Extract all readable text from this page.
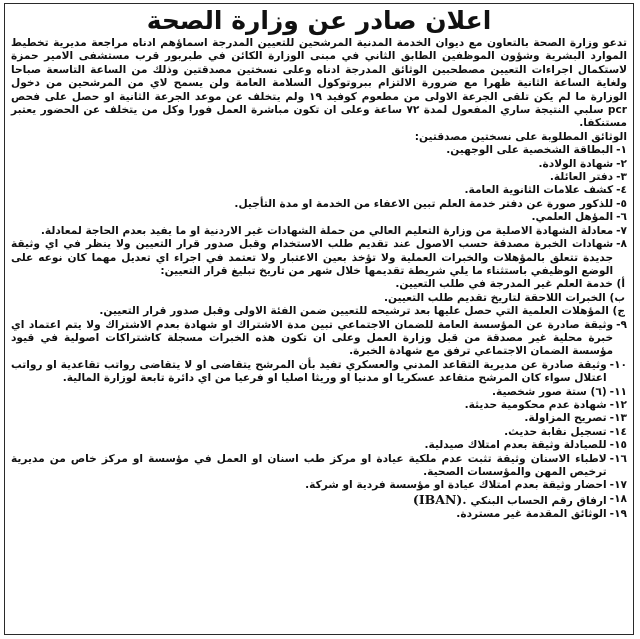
اعلان صادر عن وزارة الصحة
تدعو وزارة الصحة بالتعاون مع ديوان الخدمة المدنية المرشحين للتعيين المدرجة اسماؤهم ادناه مراجعة مديرية تخطيط الموارد البشرية وشؤون الموظفين الطابق الثاني في مبنى الوزارة الكائن في طبربور قرب مستشفى الامير حمزة لاستكمال اجراءات التعيين مصطحبين الوثائق المدرجة ادناه وعلى نسختين مصدقتين وذلك من الساعة التاسعة صباحا ولغاية الساعة الثانية ظهرا مع ضرورة الالتزام ببروتوكول السلامة العامة ولن يسمح لاي من المرشحين من دخول الوزارة ما لم يكن تلقى الجرعة الاولى من مطعوم كوفيد ١٩ ولم يتخلف عن موعد الجرعة الثانية او حصل على فحص pcr سلبي النتيجة ساري المفعول لمدة ٧٢ ساعة وعلى ان تكون مباشرة العمل فورا وكل من يتخلف عن الحضور يعتبر مستنكفا.
الوثائق المطلوبة على نسختين مصدقتين:
١-
البطاقة الشخصية على الوجهين.
٢-
شهادة الولادة.
٣-
دفتر العائلة.
٤-
كشف علامات الثانوية العامة.
٥-
للذكور صورة عن دفتر خدمة العلم تبين الاعفاء من الخدمة او مدة التأجيل.
٦-
المؤهل العلمي.
٧-
معادلة الشهادة الاصلية من وزارة التعليم العالي من حملة الشهادات غير الاردنية او ما يفيد بعدم الحاجة لمعادلة.
٨-
شهادات الخبرة مصدقة حسب الاصول عند تقديم طلب الاستخدام وقبل صدور قرار التعيين ولا ينظر في اي وثيقة جديدة تتعلق بالمؤهلات والخبرات العملية ولا تؤخذ بعين الاعتبار ولا تعتمد في اجراء اي تعديل مهما كان نوعه على الوضع الوظيفي باستثناء ما يلي شريطة تقديمها خلال شهر من تاريخ تبليغ قرار التعيين:
أ) خدمة العلم غير المدرجة في طلب التعيين.
ب) الخبرات اللاحقة لتاريخ تقديم طلب التعيين.
ج) المؤهلات العلمية التي حصل عليها بعد ترشيحه للتعيين ضمن الفئة الاولى وقبل صدور قرار التعيين.
٩-
وثيقة صادرة عن المؤسسة العامة للضمان الاجتماعي تبين مدة الاشتراك او شهادة بعدم الاشتراك ولا يتم اعتماد اي خبرة محلية غير مصدقة من قبل وزارة العمل وعلى ان تكون هذه الخبرات مسجلة كاشتراكات اصولية في قيود مؤسسة الضمان الاجتماعي ترفق مع شهادة الخبرة.
١٠-
وثيقة صادرة عن مديرية التقاعد المدني والعسكري تفيد بأن المرشح يتقاضى او لا يتقاضى رواتب تقاعدية او رواتب اعتلال سواء كان المرشح متقاعد عسكريا او مدنيا او وريثا اصليا او فرعيا من اي دائرة تابعة لوزارة المالية.
١١-
(٦) ستة صور شخصية.
١٢-
شهادة عدم محكومية حديثة.
١٣-
تصريح المزاولة.
١٤-
تسجيل نقابة حديث.
١٥-
للصيادلة وثيقة بعدم امتلاك صيدلية.
١٦-
لاطباء الاسنان وثيقة تثبت عدم ملكية عيادة او مركز طب اسنان او العمل في مؤسسة او مركز خاص من مديرية ترخيص المهن والمؤسسات الصحية.
١٧-
احضار وثيقة بعدم امتلاك عيادة او مؤسسة فردية او شركة.
١٨-
ارفاق رقم الحساب البنكي (IBAN).
١٩-
الوثائق المقدمة غير مستردة.
